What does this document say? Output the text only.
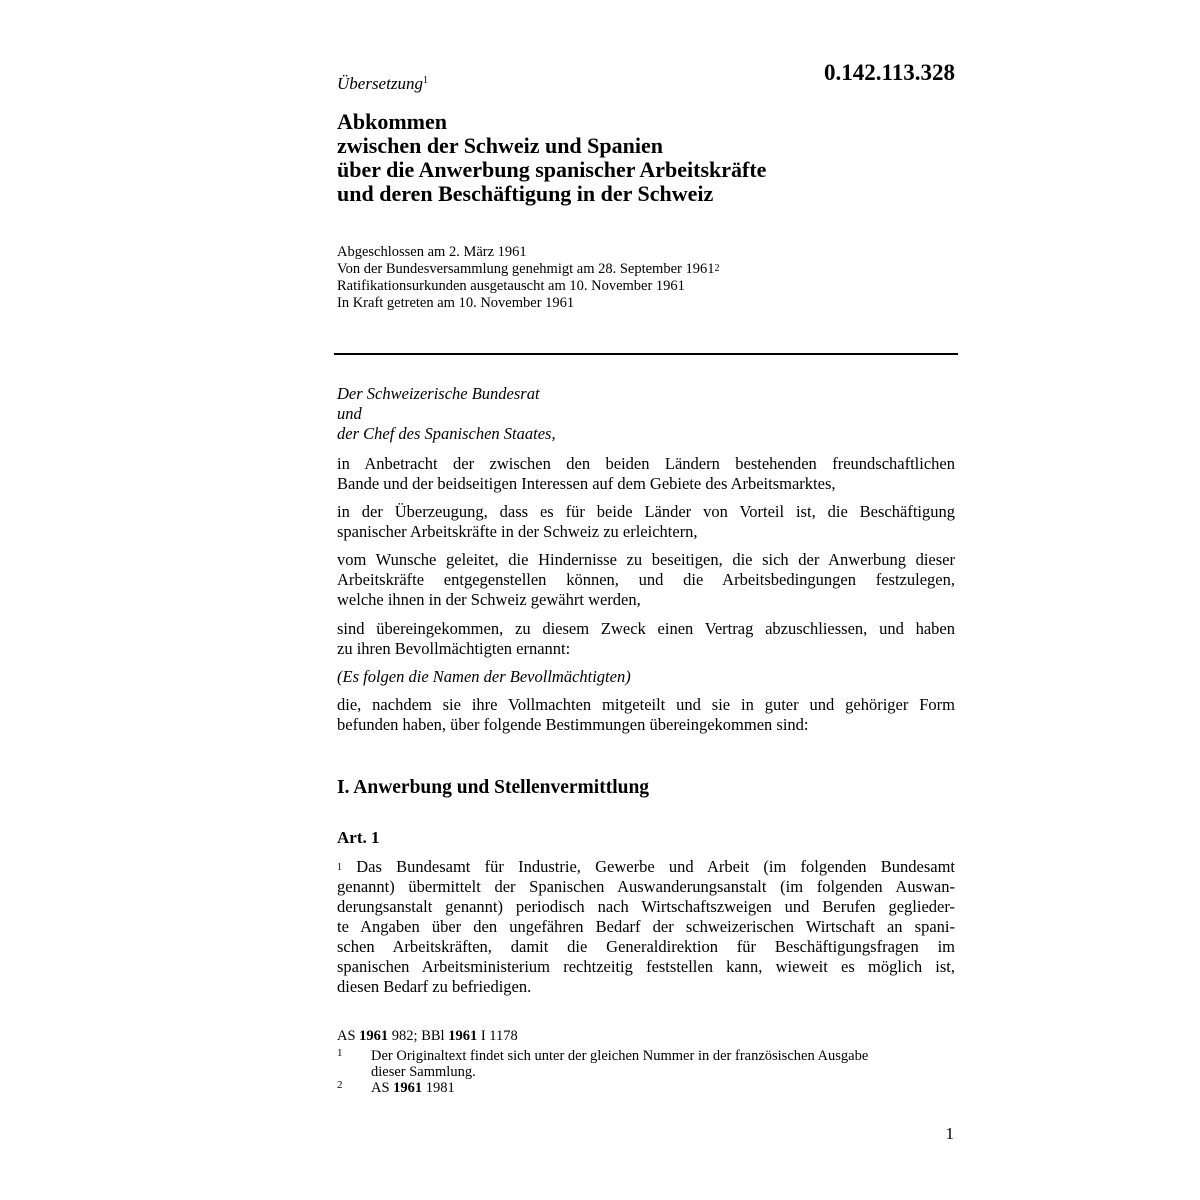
Übersetzung$^1$	0.142.113.328
Abkommen
zwischen der Schweiz und Spanien
über die Anwerbung spanischer Arbeitskräfte
und deren Beschäftigung in der Schweiz
Abgeschlossen am 2. März 1961
Von der Bundesversammlung genehmigt am 28. September 1961$^2$
Ratifikationsurkunden ausgetauscht am 10. November 1961
In Kraft getreten am 10. November 1961
Der Schweizerische Bundesrat
und
der Chef des Spanischen Staates,
in Anbetracht der zwischen den beiden Ländern bestehenden freundschaftlichen
Bande und der beidseitigen Interessen auf dem Gebiete des Arbeitsmarktes,
in der Überzeugung, dass es für beide Länder von Vorteil ist, die Beschäftigung
spanischer Arbeitskräfte in der Schweiz zu erleichtern,
vom Wunsche geleitet, die Hindernisse zu beseitigen, die sich der Anwerbung dieser
Arbeitskräfte entgegenstellen können, und die Arbeitsbedingungen festzulegen,
welche ihnen in der Schweiz gewährt werden,
sind übereingekommen, zu diesem Zweck einen Vertrag abzuschliessen, und haben
zu ihren Bevollmächtigten ernannt:
(Es folgen die Namen der Bevollmächtigten)
die, nachdem sie ihre Vollmachten mitgeteilt und sie in guter und gehöriger Form
befunden haben, über folgende Bestimmungen übereingekommen sind:
I. Anwerbung und Stellenvermittlung
Art. 1
$^1$ Das Bundesamt für Industrie, Gewerbe und Arbeit (im folgenden Bundesamt
genannt) übermittelt der Spanischen Auswanderungsanstalt (im folgenden Auswan-
derungsanstalt genannt) periodisch nach Wirtschaftszweigen und Berufen geglieder-
te Angaben über den ungefähren Bedarf der schweizerischen Wirtschaft an spani-
schen Arbeitskräften, damit die Generaldirektion für Beschäftigungsfragen im
spanischen Arbeitsministerium rechtzeitig feststellen kann, wieweit es möglich ist,
diesen Bedarf zu befriedigen.
AS 1961 982; BBl 1961 I 1178
1 Der Originaltext findet sich unter der gleichen Nummer in der französischen Ausgabe
dieser Sammlung.
2 AS 1961 1981
1
